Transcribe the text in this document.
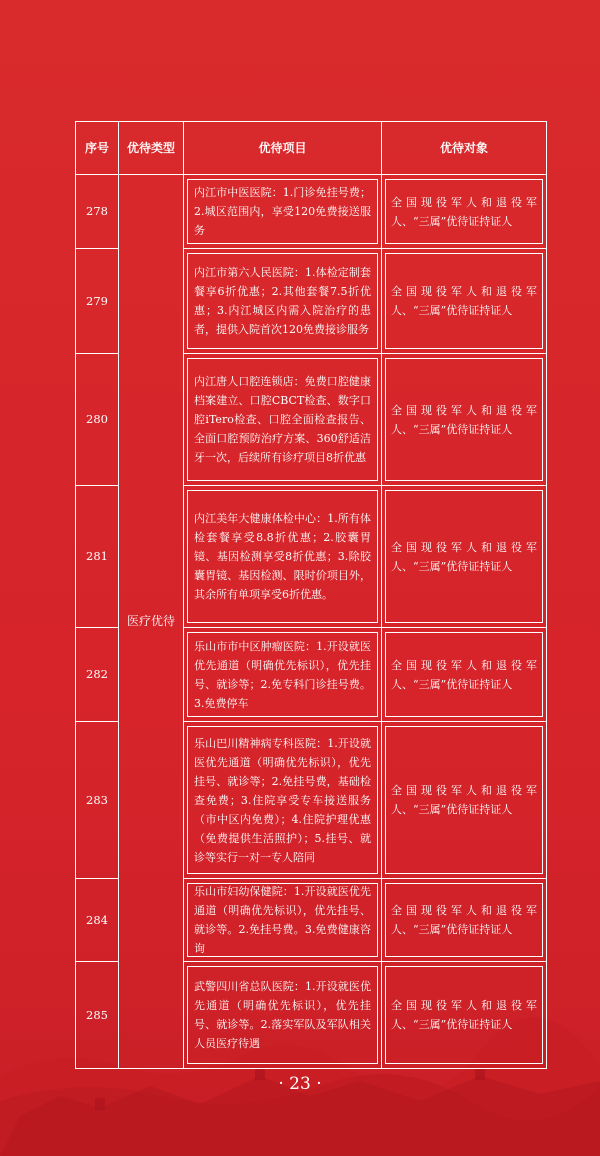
序号	优待类型	优待项目	优待对象
278	医疗优待	内江市中医医院：1.门诊免挂号费；2.城区范围内，享受120免费接送服务	全国现役军人和退役军人、“三属”优待证持证人

279		内江市第六人民医院：1.体检定制套餐享6折优惠；2.其他套餐7.5折优惠；3.内江城区内需入院治疗的患者，提供入院首次120免费接诊服务	全国现役军人和退役军人、“三属”优待证持证人

280		内江唐人口腔连锁店：免费口腔健康档案建立、口腔CBCT检查、数字口腔iTero检查、口腔全面检查报告、全面口腔预防治疗方案、360舒适洁牙一次，后续所有诊疗项目8折优惠	全国现役军人和退役军人、“三属”优待证持证人

281		内江美年大健康体检中心：1.所有体检套餐享受8.8折优惠；2.胶囊胃镜、基因检测享受8折优惠；3.除胶囊胃镜、基因检测、限时价项目外，其余所有单项享受6折优惠。	全国现役军人和退役军人、“三属”优待证持证人

282		乐山市市中区肿瘤医院：1.开设就医优先通道（明确优先标识），优先挂号、就诊等；2.免专科门诊挂号费。3.免费停车	全国现役军人和退役军人、“三属”优待证持证人

283		乐山巴川精神病专科医院：1.开设就医优先通道（明确优先标识），优先挂号、就诊等；2.免挂号费，基础检查免费；3.住院享受专车接送服务（市中区内免费）；4.住院护理优惠（免费提供生活照护）；5.挂号、就诊等实行一对一专人陪同	全国现役军人和退役军人、“三属”优待证持证人

284		乐山市妇幼保健院：1.开设就医优先通道（明确优先标识），优先挂号、就诊等。2.免挂号费。3.免费健康咨询	全国现役军人和退役军人、“三属”优待证持证人

285		武警四川省总队医院：1.开设就医优先通道（明确优先标识），优先挂号、就诊等。2.落实军队及军队相关人员医疗待遇	全国现役军人和退役军人、“三属”优待证持证人
· 23 ·
